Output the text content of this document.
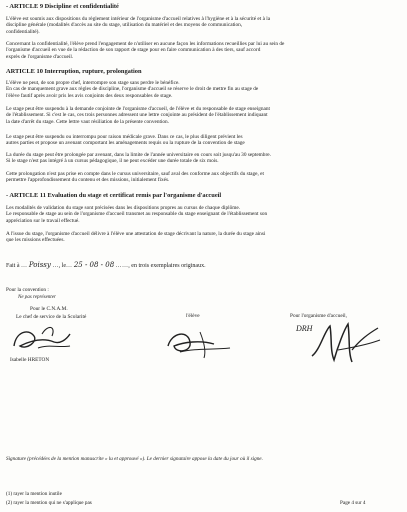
- ARTICLE 9 Discipline et confidentialité
L'élève est soumis aux dispositions du règlement intérieur de l'organisme d'accueil relatives à l'hygiène et à la sécurité et à la
discipline générale (modalités d'accès au site du stage, utilisation du matériel et des moyens de communication,
confidentialité).
Concernant la confidentialité, l'élève prend l'engagement de n'utiliser en aucune façon les informations recueillies par lui au sein de
l'organisme d'accueil en vue de la rédaction de son rapport de stage pour en faire communication à des tiers, sauf accord
exprès de l'organisme d'accueil.
ARTICLE 10 Interruption, rupture, prolongation
L'élève ne peut, de son propre chef, interrompre son stage sans perdre le bénéfice.
En cas de manquement grave aux règles de discipline, l'organisme d'accueil se réserve le droit de mettre fin au stage de
l'élève fautif après avoir pris les avis conjoints des deux responsables de stage.
Le stage peut être suspendu à la demande conjointe de l'organisme d'accueil, de l'élève et du responsable de stage enseignant
de l'établissement. Si c'est le cas, ces trois personnes adressent une lettre conjointe au président de l'établissement indiquant
la date d'arrêt du stage. Cette lettre vaut résiliation de la présente convention.
Le stage peut être suspendu ou interrompu pour raison médicale grave. Dans ce cas, le plus diligent prévient les
autres parties et propose un avenant comportant les aménagements requis ou la rupture de la convention de stage
La durée du stage peut être prolongée par avenant, dans la limite de l'année universitaire en cours soit jusqu'au 30 septembre.
Si le stage n'est pas intégré à un cursus pédagogique, il ne peut excéder une durée totale de six mois.
Cette prolongation n'est pas prise en compte dans le cursus universitaire, sauf aval des conforme aux objectifs du stage, et
permettre l'approfondissement du contenu et des missions, initialement fixés.
- ARTICLE 11 Evaluation du stage et certificat remis par l'organisme d'accueil
Les modalités de validation du stage sont précisées dans les dispositions propres au cursus de chaque diplôme.
Le responsable de stage au sein de l'organisme d'accueil transmet au responsable du stage enseignant de l'établissement son
appréciation sur le travail effectué.
A l'issue du stage, l'organisme d'accueil délivre à l'élève une attestation de stage décrivant la nature, la durée du stage ainsi
que les missions effectuées.
Fait à … Poissy …, le… 25 - 08 - 08 ……, en trois exemplaires originaux.
Pour la convention :
Ne pas représenter
Pour le C.N.A.M.
Le chef de service de la Scolarité
Isabelle HRETON
l'élève	Pour l'organisme d'accueil,
DRH
Signature (précédées de la mention manuscrite « lu et approuvé »). Le dernier signataire appose la date du jour où il signe.
(1) rayer la mention inutile
(2) rayer la mention qui ne s'applique pas	Page 4 sur 4
